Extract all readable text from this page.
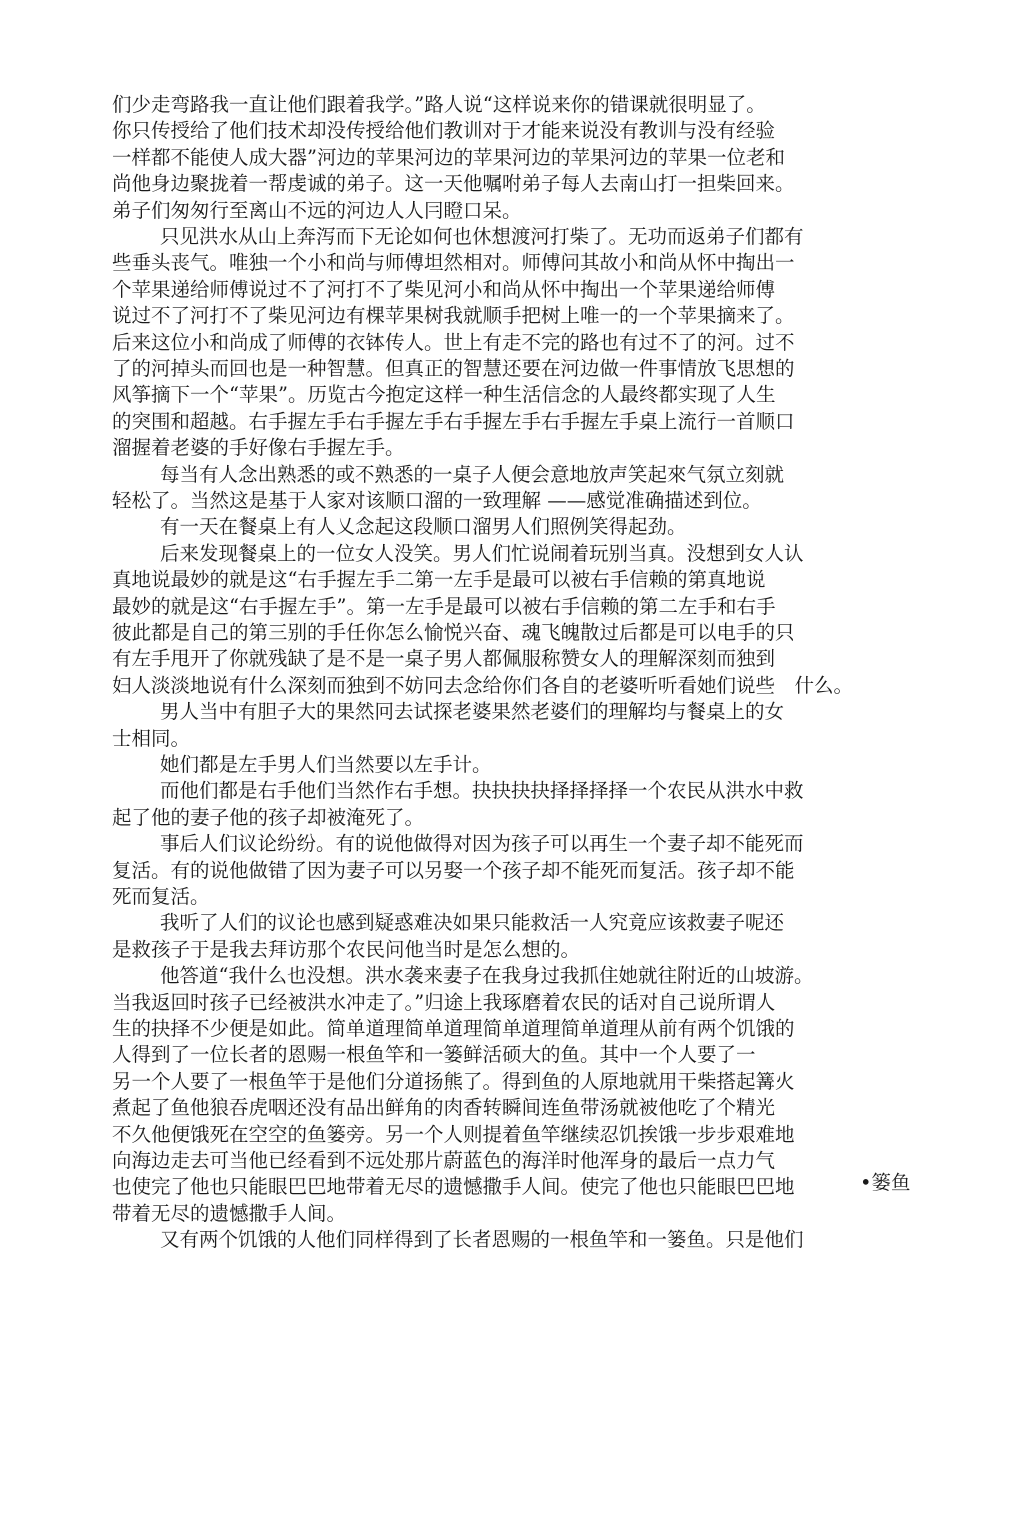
们少走弯路我一直让他们跟着我学。”路人说“这样说来你的错课就很明显了。

你只传授给了他们技术却没传授给他们教训对于才能来说没有教训与没有经验

一样都不能使人成大器”河边的苹果河边的苹果河边的苹果河边的苹果一位老和

尚他身边聚拢着一帮虔诚的弟子。这一天他嘱咐弟子每人去南山打一担柴回来。

弟子们匆匆行至离山不远的河边人人冃瞪口呆。

只见洪水从山上奔泻而下无论如何也休想渡河打柴了。无功而返弟子们都有

些垂头丧气。唯独一个小和尚与师傅坦然相对。师傅问其故小和尚从怀中掏出一

个苹果递给师傅说过不了河打不了柴见河小和尚从怀中掏出一个苹果递给师傅

说过不了河打不了柴见河边有棵苹果树我就顺手把树上唯一的一个苹果摘来了。

后来这位小和尚成了师傅的衣钵传人。世上有走不完的路也有过不了的河。过不

了的河掉头而回也是一种智慧。但真正的智慧还要在河边做一件事情放飞思想的

风筝摘下一个“苹果”。历览古今抱定这样一种生活信念的人最终都实现了人生

的突围和超越。右手握左手右手握左手右手握左手右手握左手桌上流行一首顺口

溜握着老婆的手好像右手握左手。

每当有人念出熟悉的或不熟悉的一桌子人便会意地放声笑起來气氛立刻就

轻松了。当然这是基于人家对该顺口溜的一致理解 ——感觉准确描述到位。

有一天在餐桌上有人乂念起这段顺口溜男人们照例笑得起劲。

后来发现餐桌上的一位女人没笑。男人们忙说闹着玩别当真。没想到女人认

真地说最妙的就是这“右手握左手二第一左手是最可以被右手信赖的第真地说

最妙的就是这“右手握左手”。第一左手是最可以被右手信赖的第二左手和右手

彼此都是自己的第三别的手任你怎么愉悦兴奋、魂飞魄散过后都是可以电手的只

有左手甩开了你就残缺了是不是一桌子男人都佩服称赞女人的理解深刻而独到

妇人淡淡地说有什么深刻而独到不妨冋去念给你们各自的老婆听听看她们说些　什么。

男人当中有胆子大的果然冋去试探老婆果然老婆们的理解均与餐桌上的女

士相同。

她们都是左手男人们当然要以左手计。

而他们都是右手他们当然作右手想。抉抉抉抉择择择择一个农民从洪水中救

起了他的妻子他的孩子却被淹死了。

事后人们议论纷纷。有的说他做得对因为孩子可以再生一个妻子却不能死而

复活。有的说他做错了因为妻子可以另娶一个孩子却不能死而复活。孩子却不能

死而复活。

我听了人们的议论也感到疑惑难决如果只能救活一人究竟应该救妻子呢还

是救孩子于是我去拜访那个农民问他当时是怎么想的。

他答道“我什么也没想。洪水袭来妻子在我身过我抓住她就往附近的山坡游。

当我返回时孩子已经被洪水冲走了。”归途上我琢磨着农民的话对自己说所谓人

生的抉择不少便是如此。简单道理简单道理简单道理简单道理从前有两个饥饿的

人得到了一位长者的恩赐一根鱼竿和一篓鲜活硕大的鱼。其中一个人要了一

另一个人要了一根鱼竿于是他们分道扬熊了。得到鱼的人原地就用干柴搭起篝火

煮起了鱼他狼吞虎咽还没有品出鲜角的肉香转瞬间连鱼带汤就被他吃了个精光

不久他便饿死在空空的鱼篓旁。另一个人则提着鱼竿继续忍饥挨饿一步步艰难地

向海边走去可当他已经看到不远处那片蔚蓝色的海洋时他浑身的最后一点力气

也使完了他也只能眼巴巴地带着无尽的遗憾撒手人间。使完了他也只能眼巴巴地

带着无尽的遗憾撒手人间。

又有两个饥饿的人他们同样得到了长者恩赐的一根鱼竿和一篓鱼。只是他们

•篓鱼
